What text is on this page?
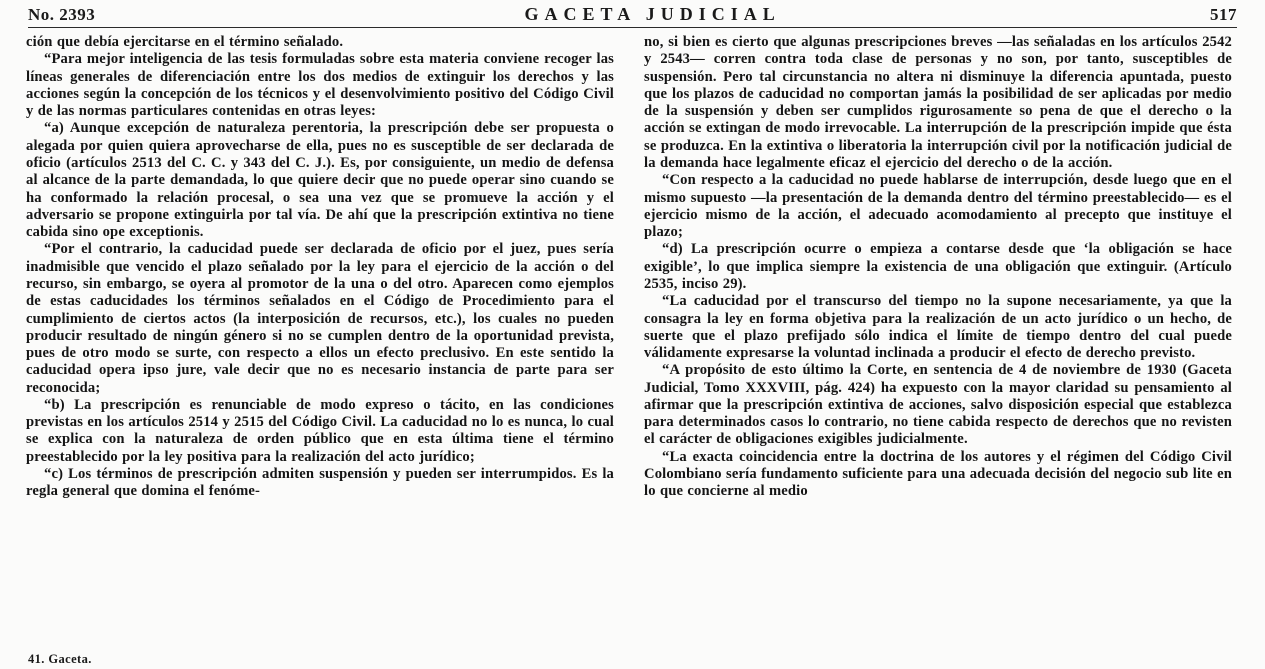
No. 2393	GACETA JUDICIAL	517

ción que debía ejercitarse en el término señalado.

“Para mejor inteligencia de las tesis formuladas sobre esta materia conviene recoger las líneas generales de diferenciación entre los dos medios de extinguir los derechos y las acciones según la concepción de los técnicos y el desenvolvimiento positivo del Código Civil y de las normas particulares contenidas en otras leyes:

“a) Aunque excepción de naturaleza perentoria, la prescripción debe ser propuesta o alegada por quien quiera aprovecharse de ella, pues no es susceptible de ser declarada de oficio (artículos 2513 del C. C. y 343 del C. J.). Es, por consiguiente, un medio de defensa al alcance de la parte demandada, lo que quiere decir que no puede operar sino cuando se ha conformado la relación procesal, o sea una vez que se promueve la acción y el adversario se propone extinguirla por tal vía. De ahí que la prescripción extintiva no tiene cabida sino ope exceptionis.

“Por el contrario, la caducidad puede ser declarada de oficio por el juez, pues sería inadmisible que vencido el plazo señalado por la ley para el ejercicio de la acción o del recurso, sin embargo, se oyera al promotor de la una o del otro. Aparecen como ejemplos de estas caducidades los términos señalados en el Código de Procedimiento para el cumplimiento de ciertos actos (la interposición de recursos, etc.), los cuales no pueden producir resultado de ningún género si no se cumplen dentro de la oportunidad prevista, pues de otro modo se surte, con respecto a ellos un efecto preclusivo. En este sentido la caducidad opera ipso jure, vale decir que no es necesario instancia de parte para ser reconocida;

“b) La prescripción es renunciable de modo expreso o tácito, en las condiciones previstas en los artículos 2514 y 2515 del Código Civil. La caducidad no lo es nunca, lo cual se explica con la naturaleza de orden público que en esta última tiene el término preestablecido por la ley positiva para la realización del acto jurídico;

“c) Los términos de prescripción admiten suspensión y pueden ser interrumpidos. Es la regla general que domina el fenóme-

no, si bien es cierto que algunas prescripciones breves —las señaladas en los artículos 2542 y 2543— corren contra toda clase de personas y no son, por tanto, susceptibles de suspensión. Pero tal circunstancia no altera ni disminuye la diferencia apuntada, puesto que los plazos de caducidad no comportan jamás la posibilidad de ser aplicadas por medio de la suspensión y deben ser cumplidos rigurosamente so pena de que el derecho o la acción se extingan de modo irrevocable. La interrupción de la prescripción impide que ésta se produzca. En la extintiva o liberatoria la interrupción civil por la notificación judicial de la demanda hace legalmente eficaz el ejercicio del derecho o de la acción.

“Con respecto a la caducidad no puede hablarse de interrupción, desde luego que en el mismo supuesto —la presentación de la demanda dentro del término preestablecido— es el ejercicio mismo de la acción, el adecuado acomodamiento al precepto que instituye el plazo;

“d) La prescripción ocurre o empieza a contarse desde que ‘la obligación se hace exigible’, lo que implica siempre la existencia de una obligación que extinguir. (Artículo 2535, inciso 29).

“La caducidad por el transcurso del tiempo no la supone necesariamente, ya que la consagra la ley en forma objetiva para la realización de un acto jurídico o un hecho, de suerte que el plazo prefijado sólo indica el límite de tiempo dentro del cual puede válidamente expresarse la voluntad inclinada a producir el efecto de derecho previsto.

“A propósito de esto último la Corte, en sentencia de 4 de noviembre de 1930 (Gaceta Judicial, Tomo XXXVIII, pág. 424) ha expuesto con la mayor claridad su pensamiento al afirmar que la prescripción extintiva de acciones, salvo disposición especial que establezca para determinados casos lo contrario, no tiene cabida respecto de derechos que no revisten el carácter de obligaciones exigibles judicialmente.

“La exacta coincidencia entre la doctrina de los autores y el régimen del Código Civil Colombiano sería fundamento suficiente para una adecuada decisión del negocio sub lite en lo que concierne al medio

41. Gaceta.
